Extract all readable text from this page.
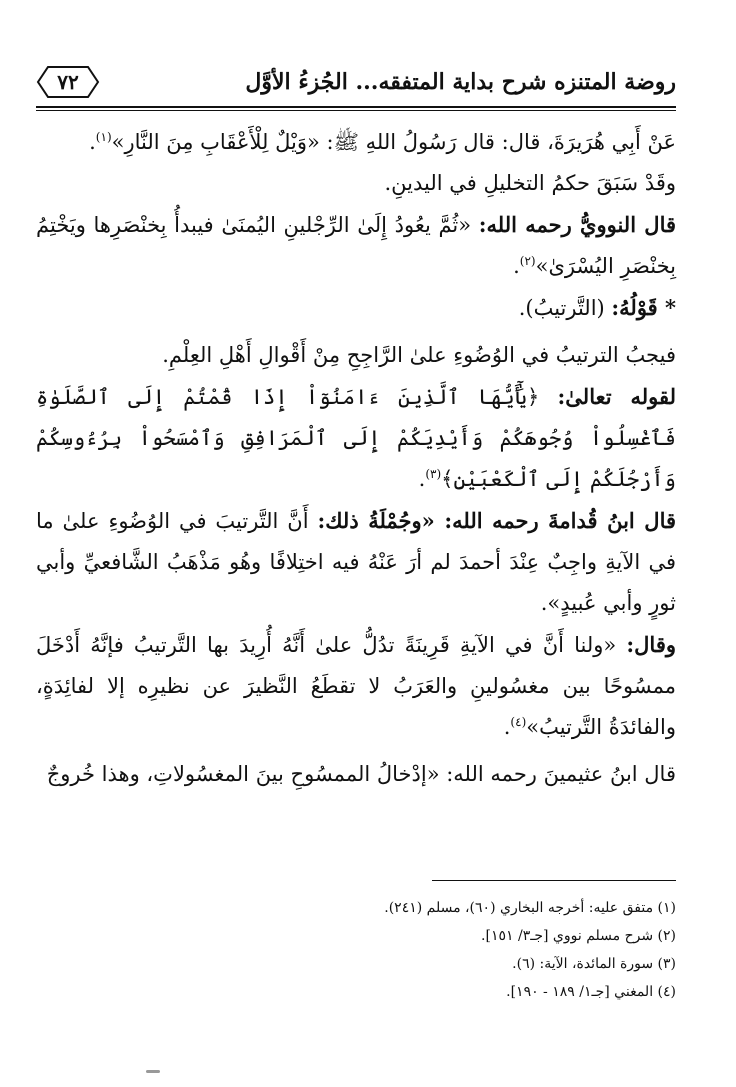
روضة المتنزه شرح بداية المتفقه... الجُزءُ الأوَّل
٧٢

عَنْ أَبِي هُرَيرَةَ، قال: قال رَسُولُ اللهِ ﷺ: «وَيْلٌ لِلْأَعْقَابِ مِنَ النَّارِ»$^{(١)}$.

وقَدْ سَبَقَ حكمُ التخليلِ في اليدينِ.

قال النوويُّ رحمه الله: «ثُمَّ يعُودُ إِلَىٰ الرِّجْلينِ اليُمنَىٰ فيبدأُ بِخنْصَرِها ويَخْتِمُ بِخنْصَرِ اليُسْرَىٰ»$^{(٢)}$.

* قَوْلُهُ: (التَّرتيبُ).

فيجبُ الترتيبُ في الوُضُوءِ علىٰ الرَّاجِحِ مِنْ أَقْوالِ أَهْلِ العِلْمِ.

لقوله تعالىٰ: ﴿يَٰٓأَيُّهَا ٱلَّذِينَ ءَامَنُوٓاْ إِذَا قُمْتُمْ إِلَى ٱلصَّلَوٰةِ فَٱغْسِلُواْ وُجُوهَكُمْ وَأَيْدِيَكُمْ إِلَى ٱلْمَرَافِقِ وَٱمْسَحُواْ بِرُءُوسِكُمْ وَأَرْجُلَكُمْ إِلَى ٱلْكَعْبَيْنِ﴾$^{(٣)}$.

قال ابنُ قُدامةَ رحمه الله: «وجُمْلَةُ ذلك: أَنَّ التَّرتيبَ في الوُضُوءِ علىٰ ما في الآيةِ واجِبٌ عِنْدَ أحمدَ لم أرَ عَنْهُ فيه اختِلافًا وهُو مَذْهَبُ الشَّافعيِّ وأبي ثورٍ وأبي عُبيدٍ».

وقال: «ولنا أَنَّ في الآيةِ قَرِينَةً تدُلُّ علىٰ أَنَّهُ أُرِيدَ بها التَّرتيبُ فإنَّهُ أَدْخَلَ ممسُوحًا بين مغسُولينِ والعَرَبُ لا تقطَعُ النَّظيرَ عن نظيرِه إلا لفائِدَةٍ، والفائدَةُ التَّرتيبُ»$^{(٤)}$.

قال ابنُ عثيمينَ رحمه الله: «إدْخالُ الممسُوحِ بينَ المغسُولاتِ، وهذا خُروجٌ

(١) متفق عليه: أخرجه البخاري (٦٠)، مسلم (٢٤١).

(٢) شرح مسلم نووي [جـ٣/ ١٥١].

(٣) سورة المائدة، الآية: (٦).

(٤) المغني [جـ١/ ١٨٩ - ١٩٠].
